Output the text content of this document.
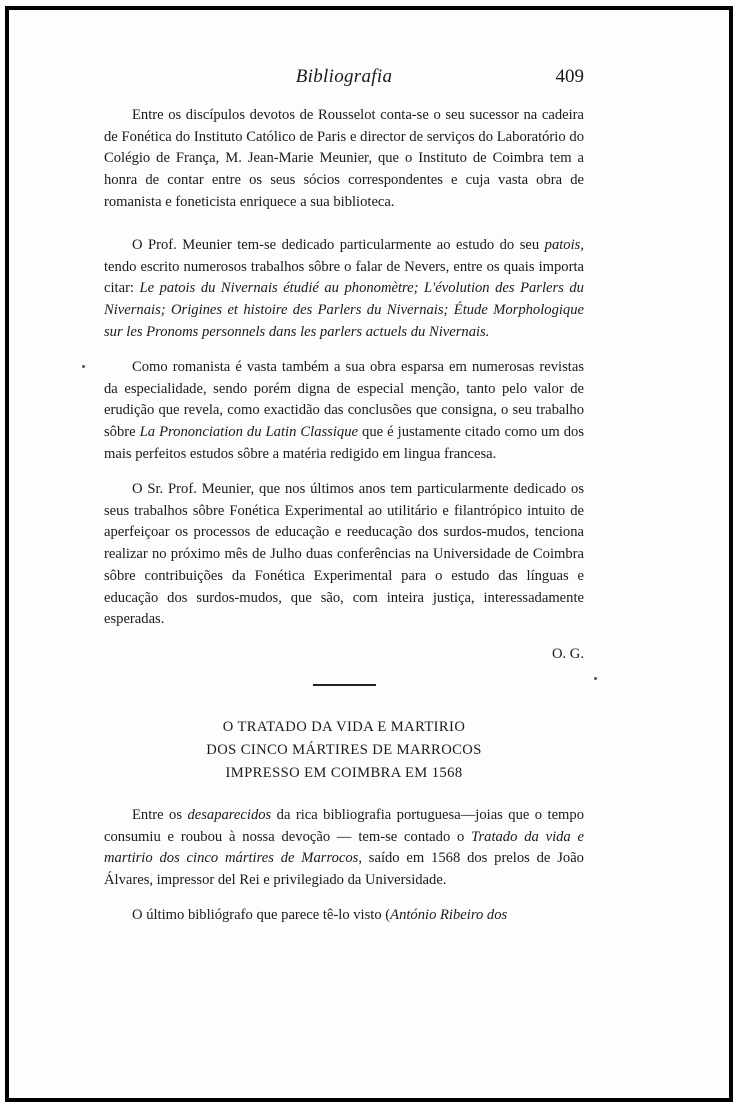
Bibliografia	409
Entre os discípulos devotos de Rousselot conta-se o seu sucessor na cadeira de Fonética do Instituto Católico de Paris e director de serviços do Laboratório do Colégio de França, M. Jean-Marie Meunier, que o Instituto de Coimbra tem a honra de contar entre os seus sócios correspondentes e cuja vasta obra de romanista e foneticista enriquece a sua biblioteca.
O Prof. Meunier tem-se dedicado particularmente ao estudo do seu patois, tendo escrito numerosos trabalhos sôbre o falar de Nevers, entre os quais importa citar: Le patois du Nivernais étudié au phonomètre; L'évolution des Parlers du Nivernais; Origines et histoire des Parlers du Nivernais; Étude Morphologique sur les Pronoms personnels dans les parlers actuels du Nivernais.
Como romanista é vasta também a sua obra esparsa em numerosas revistas da especialidade, sendo porém digna de especial menção, tanto pelo valor de erudição que revela, como exactidão das conclusões que consigna, o seu trabalho sôbre La Prononciation du Latin Classique que é justamente citado como um dos mais perfeitos estudos sôbre a matéria redigido em lingua francesa.
O Sr. Prof. Meunier, que nos últimos anos tem particularmente dedicado os seus trabalhos sôbre Fonética Experimental ao utilitário e filantrópico intuito de aperfeiçoar os processos de educação e reeducação dos surdos-mudos, tenciona realizar no próximo mês de Julho duas conferências na Universidade de Coimbra sôbre contribuições da Fonética Experimental para o estudo das línguas e educação dos surdos-mudos, que são, com inteira justiça, interessadamente esperadas.
O. G.
O TRATADO DA VIDA E MARTIRIO
DOS CINCO MÁRTIRES DE MARROCOS
IMPRESSO EM COIMBRA EM 1568
Entre os desaparecidos da rica bibliografia portuguesa—joias que o tempo consumiu e roubou à nossa devoção — tem-se contado o Tratado da vida e martirio dos cinco mártires de Marrocos, saído em 1568 dos prelos de João Álvares, impressor del Rei e privilegiado da Universidade.
O último bibliógrafo que parece tê-lo visto (António Ribeiro dos
